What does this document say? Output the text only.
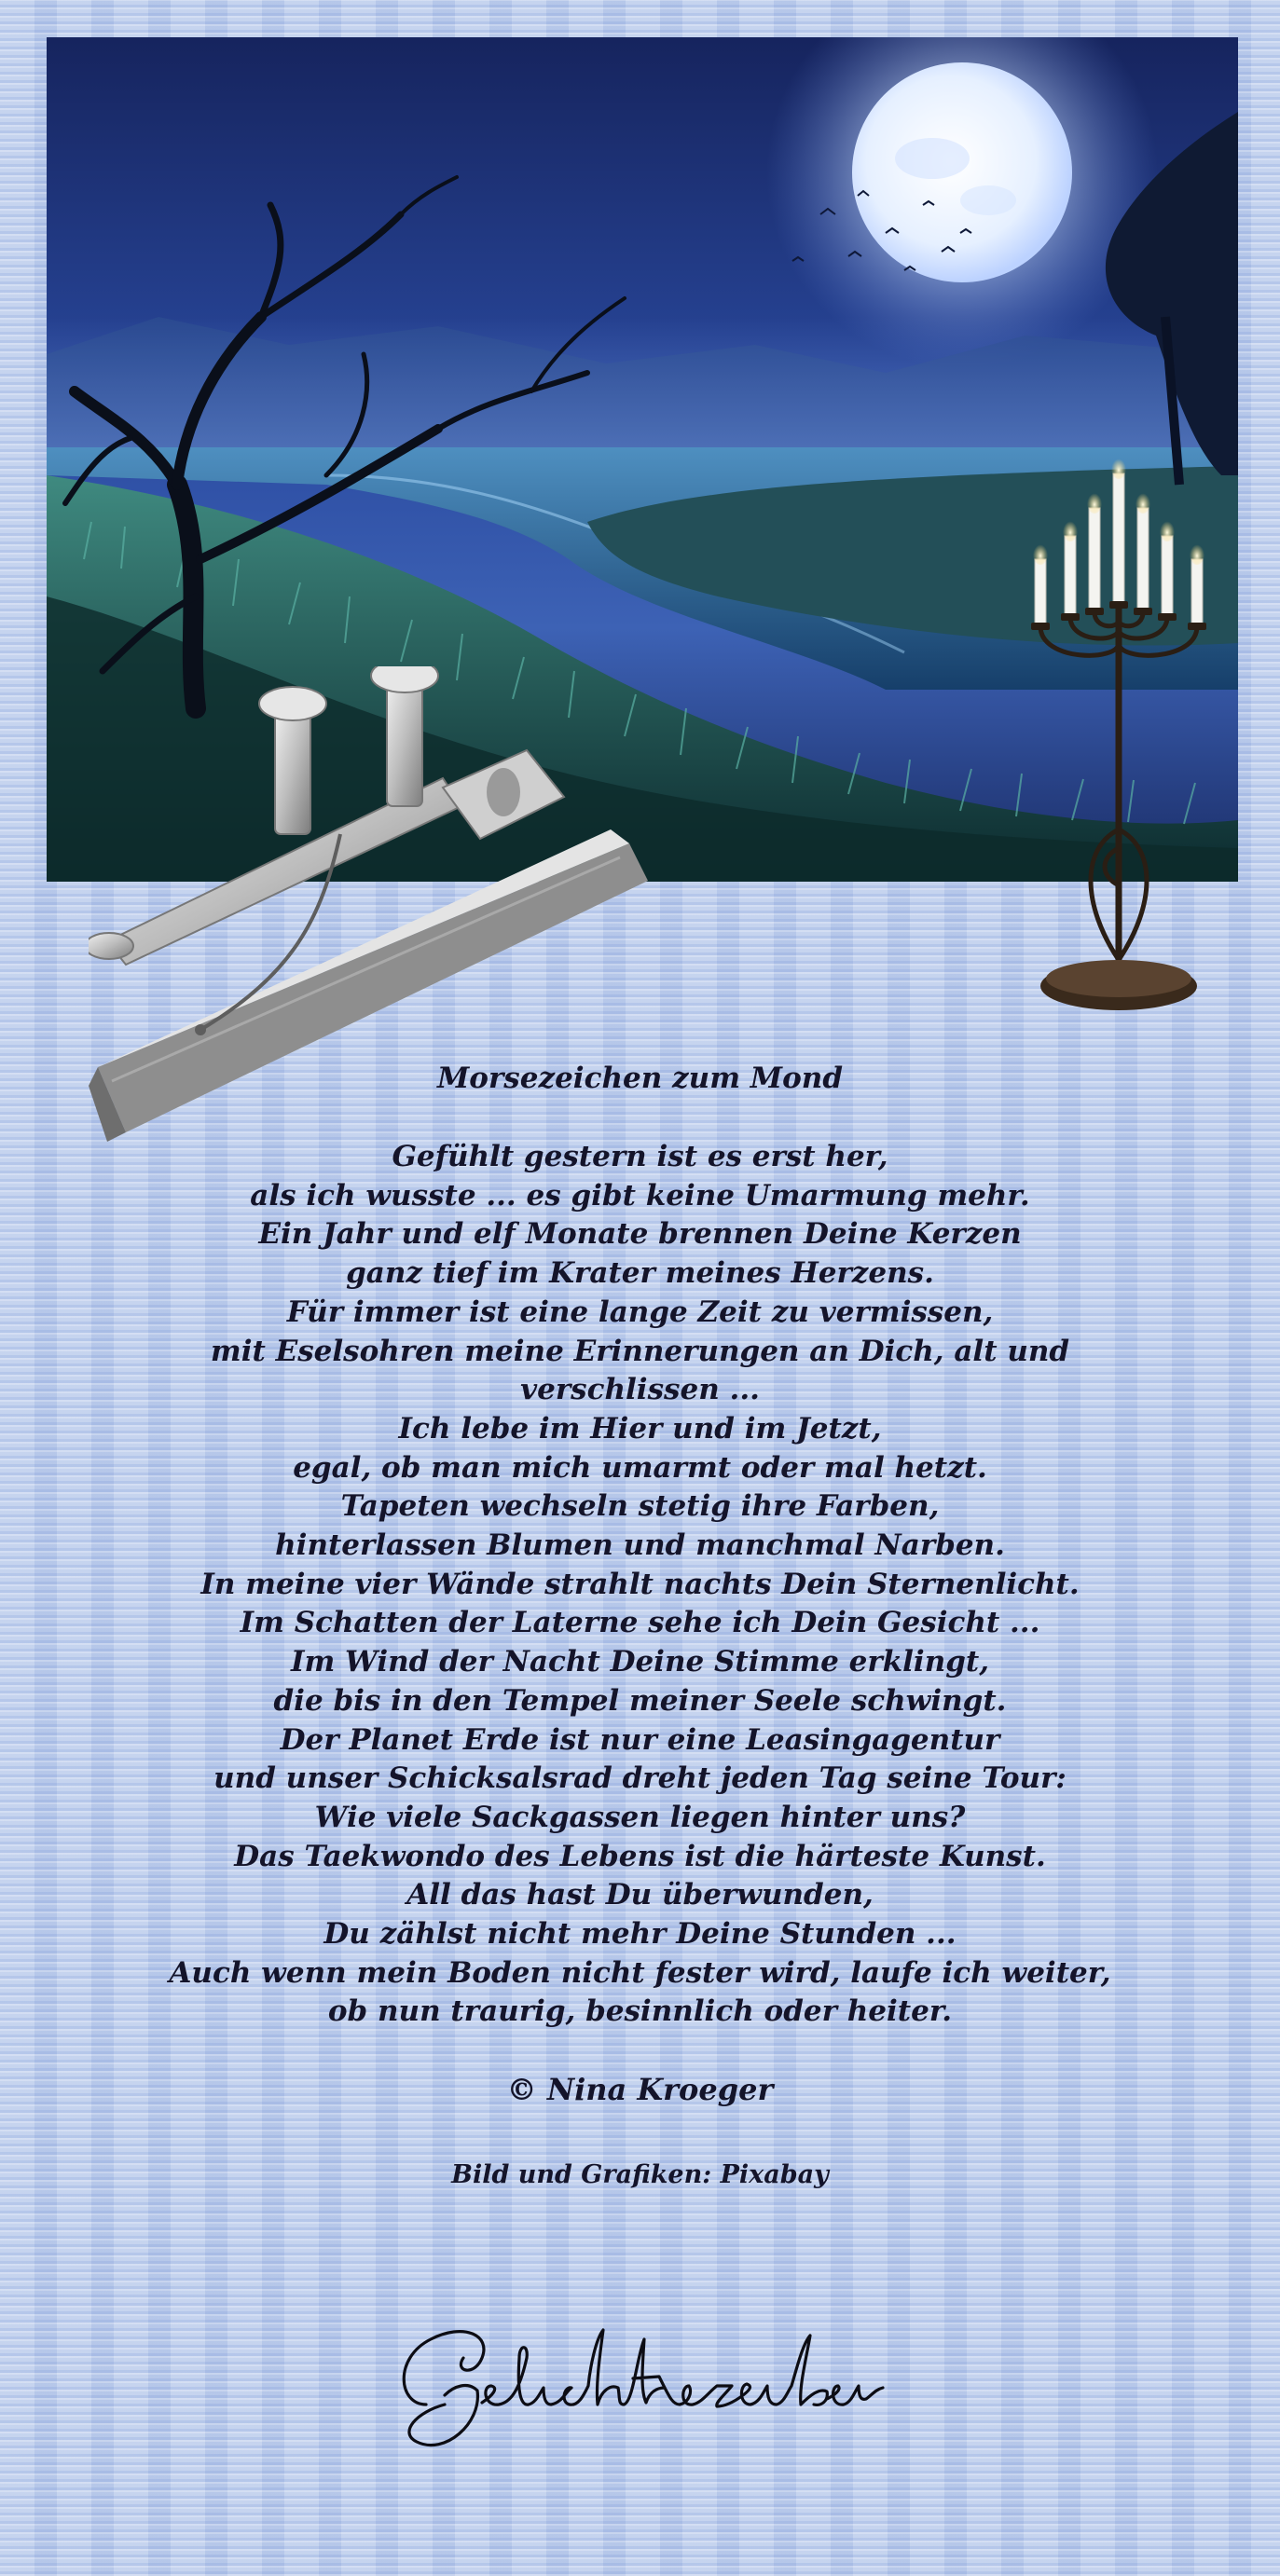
Morsezeichen zum Mond
Gefühlt gestern ist es erst her,
als ich wusste ... es gibt keine Umarmung mehr.
Ein Jahr und elf Monate brennen Deine Kerzen
ganz tief im Krater meines Herzens.
Für immer ist eine lange Zeit zu vermissen,
mit Eselsohren meine Erinnerungen an Dich, alt und
verschlissen ...
Ich lebe im Hier und im Jetzt,
egal, ob man mich umarmt oder mal hetzt.
Tapeten wechseln stetig ihre Farben,
hinterlassen Blumen und manchmal Narben.
In meine vier Wände strahlt nachts Dein Sternenlicht.
Im Schatten der Laterne sehe ich Dein Gesicht ...
Im Wind der Nacht Deine Stimme erklingt,
die bis in den Tempel meiner Seele schwingt.
Der Planet Erde ist nur eine Leasingagentur
und unser Schicksalsrad dreht jeden Tag seine Tour:
Wie viele Sackgassen liegen hinter uns?
Das Taekwondo des Lebens ist die härteste Kunst.
All das hast Du überwunden,
Du zählst nicht mehr Deine Stunden ...
Auch wenn mein Boden nicht fester wird, laufe ich weiter,
ob nun traurig, besinnlich oder heiter.
© Nina Kroeger
Bild und Grafiken: Pixabay
